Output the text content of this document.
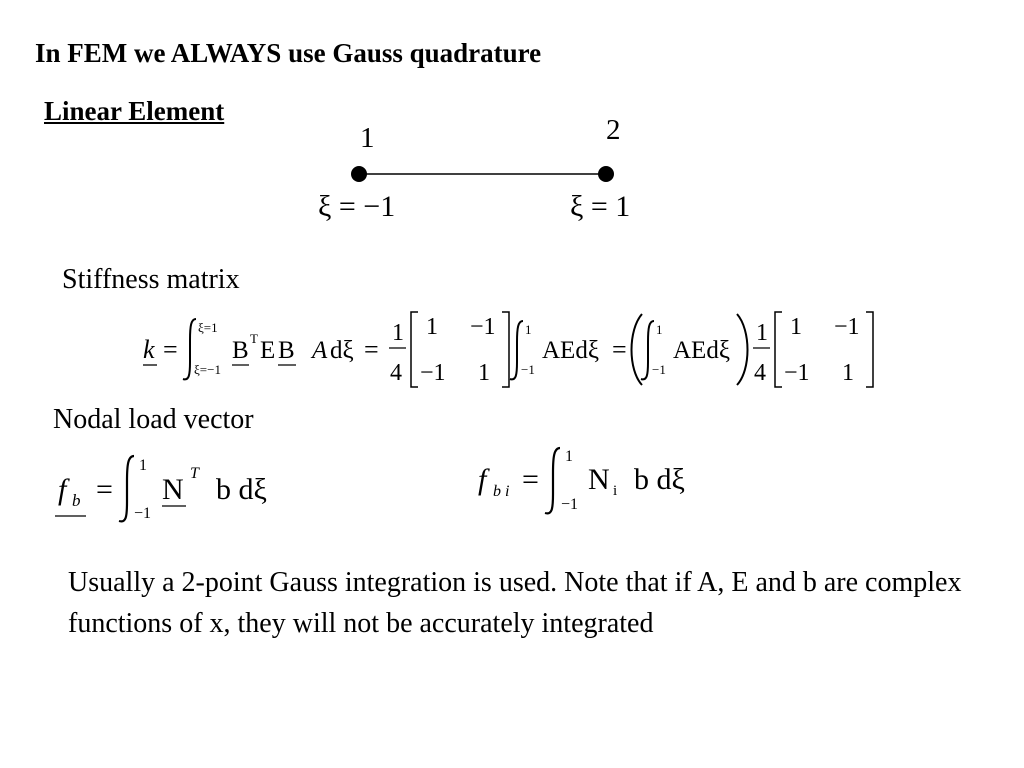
In FEM we ALWAYS use Gauss quadrature
Linear Element
1	2
ξ = −1	ξ = 1
Stiffness matrix
k =
ξ=1
ξ=−1
B T E B A dξ =
1
4
1 −1
−1 1
1
−1
AEdξ =
1
−1
AEdξ
1
4
1 −1
−1 1
Nodal load vector
f b =
1
−1
N T b dξ	f b i =
1
−1
N i b dξ
Usually a 2-point Gauss integration is used. Note that if A, E and b are complex functions of x, they will not be accurately integrated
